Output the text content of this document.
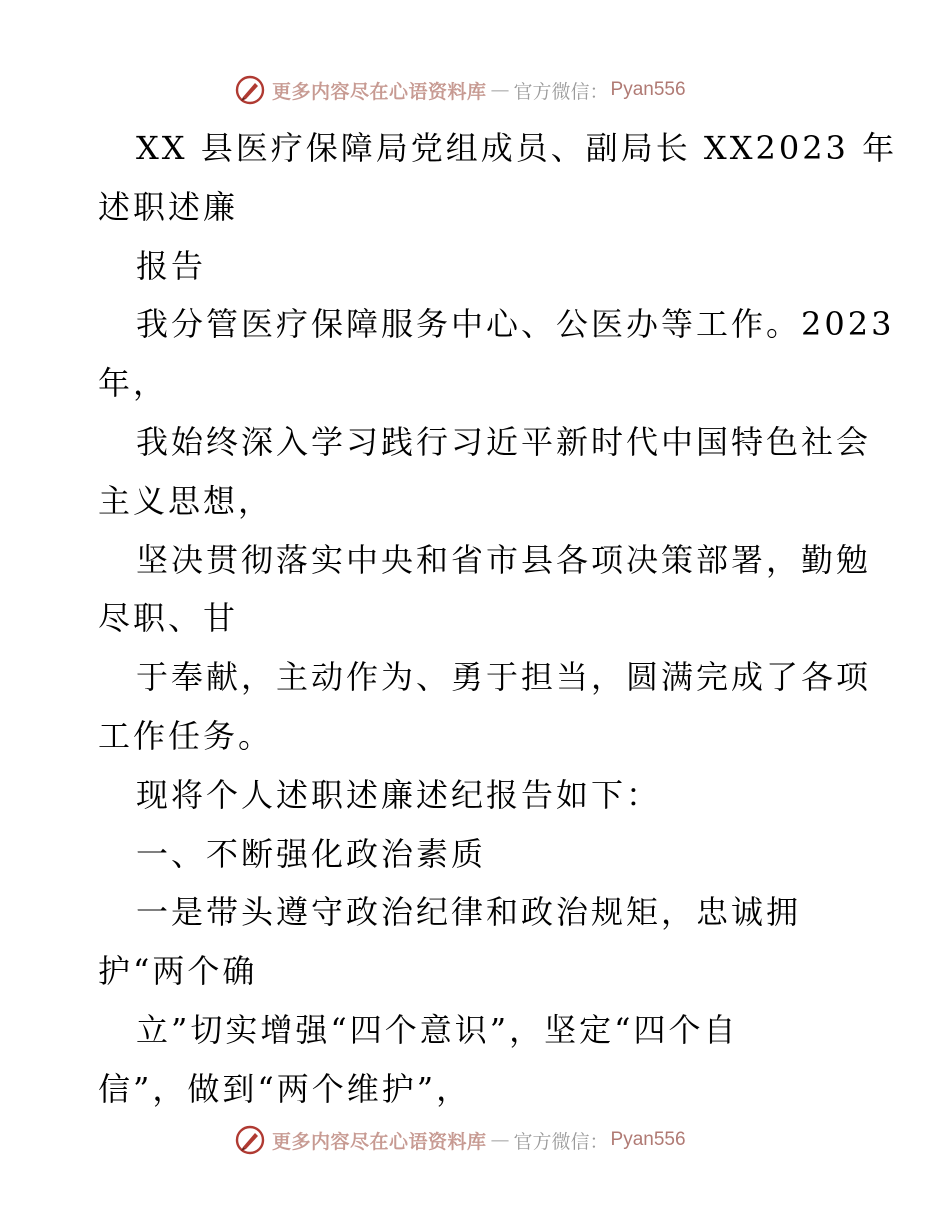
更多内容尽在心语资料库 — 官方微信： Pyan556
XX 县医疗保障局党组成员、副局长 XX2023 年
述职述廉
报告
我分管医疗保障服务中心、公医办等工作。2023
年，
我始终深入学习践行习近平新时代中国特色社会
主义思想，
坚决贯彻落实中央和省市县各项决策部署，勤勉
尽职、甘
于奉献，主动作为、勇于担当，圆满完成了各项
工作任务。
现将个人述职述廉述纪报告如下：
一、不断强化政治素质
一是带头遵守政治纪律和政治规矩，忠诚拥
护“两个确
立”切实增强“四个意识”，坚定“四个自
信”，做到“两个维护”，
更多内容尽在心语资料库 — 官方微信： Pyan556
